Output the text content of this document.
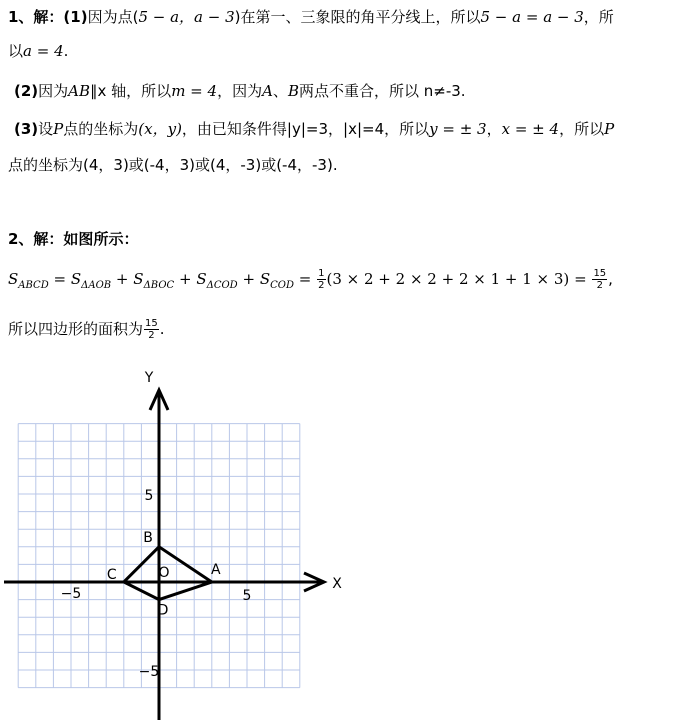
1、解：(1)因为点(5 − a，a − 3)在第一、三象限的角平分线上，所以5 − a = a − 3，所
以a = 4.
(2)因为AB∥x 轴，所以m = 4，因为A、B两点不重合，所以 n≠-3.
(3)设P点的坐标为(x，y)，由已知条件得|y|=3，|x|=4，所以y = ± 3，x = ± 4，所以P
点的坐标为(4，3)或(-4，3)或(4，-3)或(-4，-3).
2、解：如图所示：
$S_{ABCD} = S_{\Delta AOB} + S_{\Delta BOC} + S_{\Delta COD} + S_{COD} = \frac{1}{2} (3 \times 2 + 2 \times 2 + 2 \times 1 + 1 \times 3) = \frac{15}{2}$ ,
所以四边形的面积为 $\frac{15}{2}$ .
X
Y
O
−5	5
5
−5
A
B
C
D
